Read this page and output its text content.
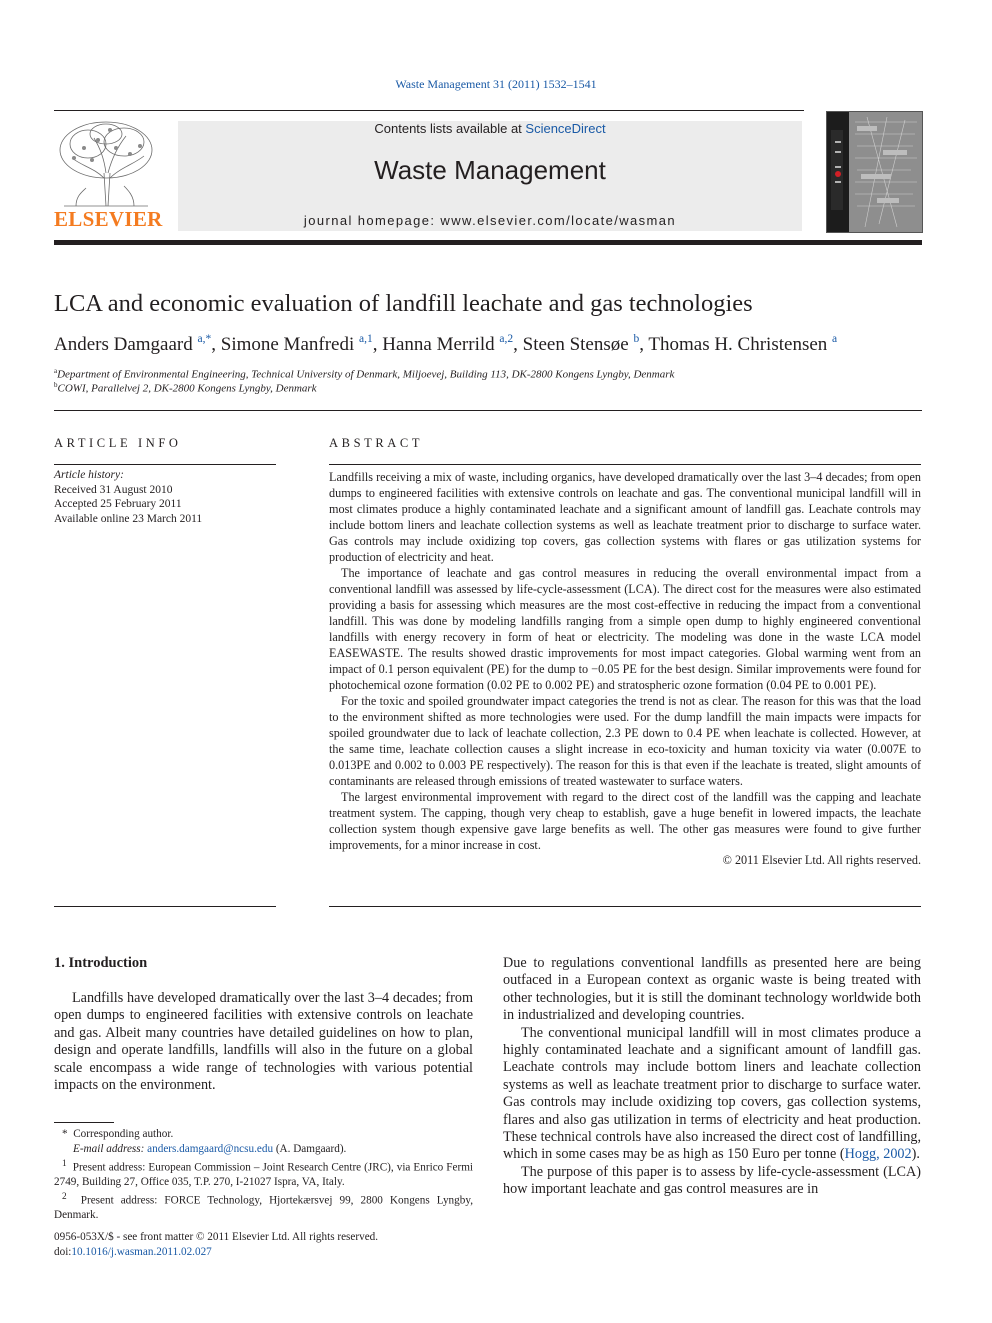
Waste Management 31 (2011) 1532–1541
ELSEVIER
Contents lists available at ScienceDirect
Waste Management
journal homepage: www.elsevier.com/locate/wasman
LCA and economic evaluation of landfill leachate and gas technologies
Anders Damgaard $^{a,*}$, Simone Manfredi $^{a,1}$, Hanna Merrild $^{a,2}$, Steen Stensøe $^b$, Thomas H. Christensen $^a$
$^a$Department of Environmental Engineering, Technical University of Denmark, Miljoevej, Building 113, DK-2800 Kongens Lyngby, Denmark
$^b$COWI, Parallelvej 2, DK-2800 Kongens Lyngby, Denmark
ARTICLE INFO
Article history:
Received 31 August 2010
Accepted 25 February 2011
Available online 23 March 2011
ABSTRACT

Landfills receiving a mix of waste, including organics, have developed dramatically over the last 3–4 decades; from open dumps to engineered facilities with extensive controls on leachate and gas. The conventional municipal landfill will in most climates produce a highly contaminated leachate and a significant amount of landfill gas. Leachate controls may include bottom liners and leachate collection systems as well as leachate treatment prior to discharge to surface water. Gas controls may include oxidizing top covers, gas collection systems with flares or gas utilization systems for production of electricity and heat.

The importance of leachate and gas control measures in reducing the overall environmental impact from a conventional landfill was assessed by life-cycle-assessment (LCA). The direct cost for the measures were also estimated providing a basis for assessing which measures are the most cost-effective in reducing the impact from a conventional landfill. This was done by modeling landfills ranging from a simple open dump to highly engineered conventional landfills with energy recovery in form of heat or electricity. The modeling was done in the waste LCA model EASEWASTE. The results showed drastic improvements for most impact categories. Global warming went from an impact of 0.1 person equivalent (PE) for the dump to −0.05 PE for the best design. Similar improvements were found for photochemical ozone formation (0.02 PE to 0.002 PE) and stratospheric ozone formation (0.04 PE to 0.001 PE).

For the toxic and spoiled groundwater impact categories the trend is not as clear. The reason for this was that the load to the environment shifted as more technologies were used. For the dump landfill the main impacts were impacts for spoiled groundwater due to lack of leachate collection, 2.3 PE down to 0.4 PE when leachate is collected. However, at the same time, leachate collection causes a slight increase in eco-toxicity and human toxicity via water (0.007E to 0.013PE and 0.002 to 0.003 PE respectively). The reason for this is that even if the leachate is treated, slight amounts of contaminants are released through emissions of treated wastewater to surface waters.

The largest environmental improvement with regard to the direct cost of the landfill was the capping and leachate treatment system. The capping, though very cheap to establish, gave a huge benefit in lowered impacts, the leachate collection system though expensive gave large benefits as well. The other gas measures were found to give further improvements, for a minor increase in cost.

© 2011 Elsevier Ltd. All rights reserved.
1. Introduction

Landfills have developed dramatically over the last 3–4 decades; from open dumps to engineered facilities with extensive controls on leachate and gas. Albeit many countries have detailed guidelines on how to plan, design and operate landfills, landfills will also in the future on a global scale encompass a wide range of technologies with various potential impacts on the environment.

* Corresponding author.
E-mail address: anders.damgaard@ncsu.edu (A. Damgaard).
$^1$ Present address: European Commission – Joint Research Centre (JRC), via Enrico Fermi 2749, Building 27, Office 035, T.P. 270, I-21027 Ispra, VA, Italy.
$^2$ Present address: FORCE Technology, Hjortekærsvej 99, 2800 Kongens Lyngby, Denmark.
0956-053X/$ - see front matter © 2011 Elsevier Ltd. All rights reserved.
doi:10.1016/j.wasman.2011.02.027

Due to regulations conventional landfills as presented here are being outfaced in a European context as organic waste is being treated with other technologies, but it is still the dominant technology worldwide both in industrialized and developing countries.

The conventional municipal landfill will in most climates produce a highly contaminated leachate and a significant amount of landfill gas. Leachate controls may include bottom liners and leachate collection systems as well as leachate treatment prior to discharge to surface water. Gas controls may include oxidizing top covers, gas collection systems, flares and also gas utilization in terms of electricity and heat production. These technical controls have also increased the direct cost of landfilling, which in some cases may be as high as 150 Euro per tonne (Hogg, 2002).

The purpose of this paper is to assess by life-cycle-assessment (LCA) how important leachate and gas control measures are in
